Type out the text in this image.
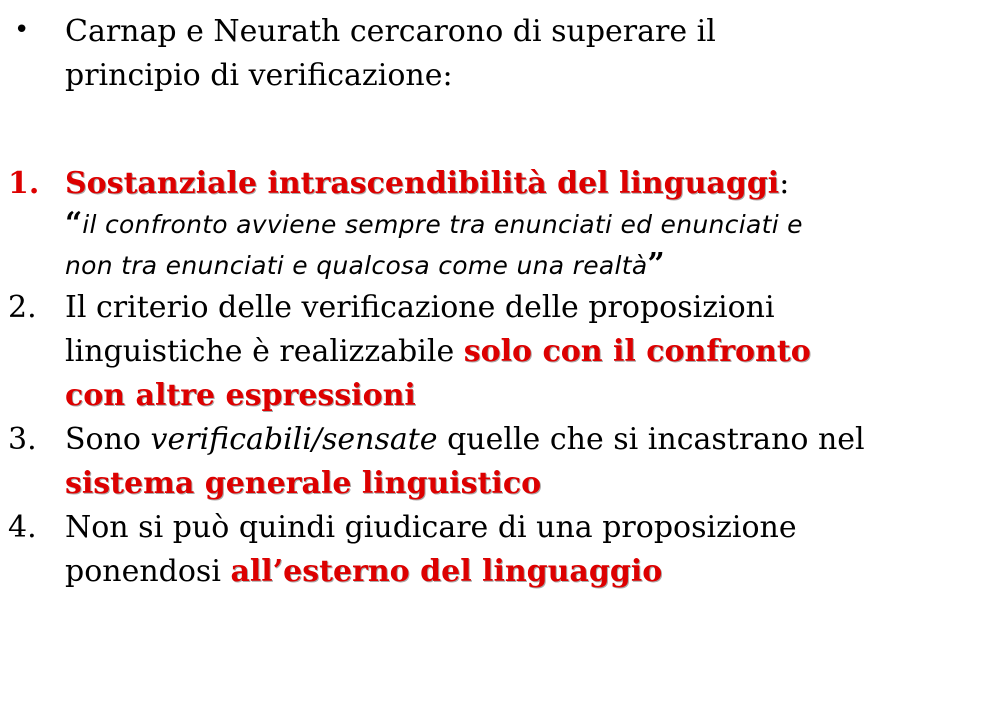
• Carnap e Neurath cercarono di superare il principio di verificazione:
1. Sostanziale intrascendibilità del linguaggi: “il confronto avviene sempre tra enunciati ed enunciati e non tra enunciati e qualcosa come una realtà”
2. Il criterio delle verificazione delle proposizioni linguistiche è realizzabile solo con il confronto con altre espressioni
3. Sono verificabili/sensate quelle che si incastrano nel sistema generale linguistico
4. Non si può quindi giudicare di una proposizione ponendosi all’esterno del linguaggio
